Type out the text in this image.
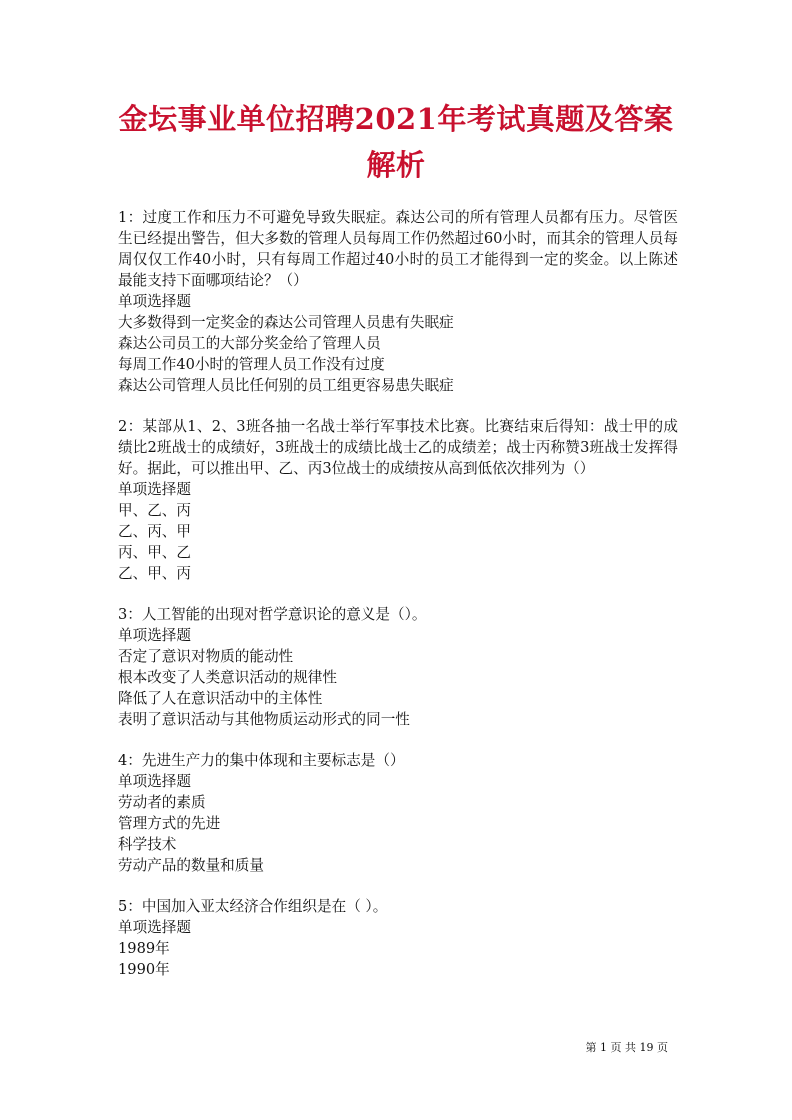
金坛事业单位招聘2021年考试真题及答案
解析
1：过度工作和压力不可避免导致失眠症。森达公司的所有管理人员都有压力。尽管医生已经提出警告，但大多数的管理人员每周工作仍然超过60小时，而其余的管理人员每周仅仅工作40小时，只有每周工作超过40小时的员工才能得到一定的奖金。以上陈述最能支持下面哪项结论？（）
单项选择题
大多数得到一定奖金的森达公司管理人员患有失眠症
森达公司员工的大部分奖金给了管理人员
每周工作40小时的管理人员工作没有过度
森达公司管理人员比任何别的员工组更容易患失眠症
2：某部从1、2、3班各抽一名战士举行军事技术比赛。比赛结束后得知：战士甲的成绩比2班战士的成绩好，3班战士的成绩比战士乙的成绩差；战士丙称赞3班战士发挥得好。据此，可以推出甲、乙、丙3位战士的成绩按从高到低依次排列为（）
单项选择题
甲、乙、丙
乙、丙、甲
丙、甲、乙
乙、甲、丙
3：人工智能的出现对哲学意识论的意义是（）。
单项选择题
否定了意识对物质的能动性
根本改变了人类意识活动的规律性
降低了人在意识活动中的主体性
表明了意识活动与其他物质运动形式的同一性
4：先进生产力的集中体现和主要标志是（）
单项选择题
劳动者的素质
管理方式的先进
科学技术
劳动产品的数量和质量
5：中国加入亚太经济合作组织是在（ ）。
单项选择题
1989年
1990年
第 1 页 共 19 页
